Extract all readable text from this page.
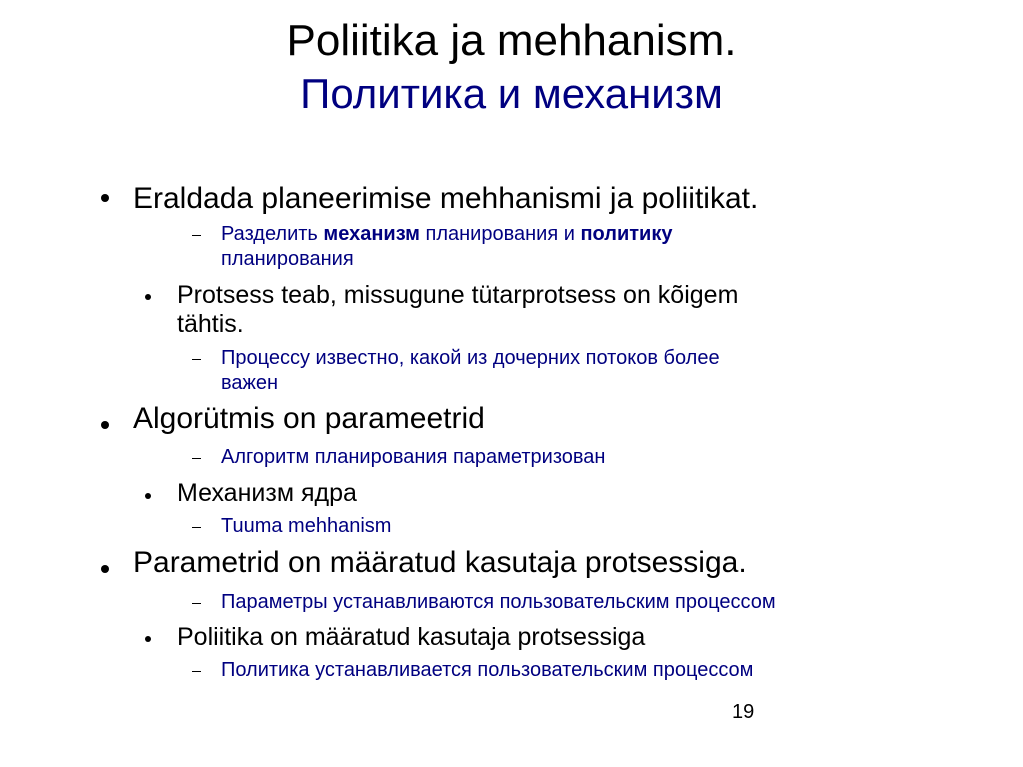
Poliitika ja mehhanism.
Политика и механизм
Eraldada planeerimise mehhanismi ja poliitikat.
Разделить механизм планирования и политику
планирования
Protsess teab, missugune tütarprotsess on kõigem
tähtis.
Процессу известно, какой из дочерних потоков более
важен
Algorütmis on parameetrid
Алгоритм планирования параметризован
Механизм ядра
Tuuma mehhanism
Parametrid on määratud kasutaja protsessiga.
Параметры устанавливаются пользовательским процессом
Poliitika on määratud kasutaja protsessiga
Политика устанавливается пользовательским процессом
19
